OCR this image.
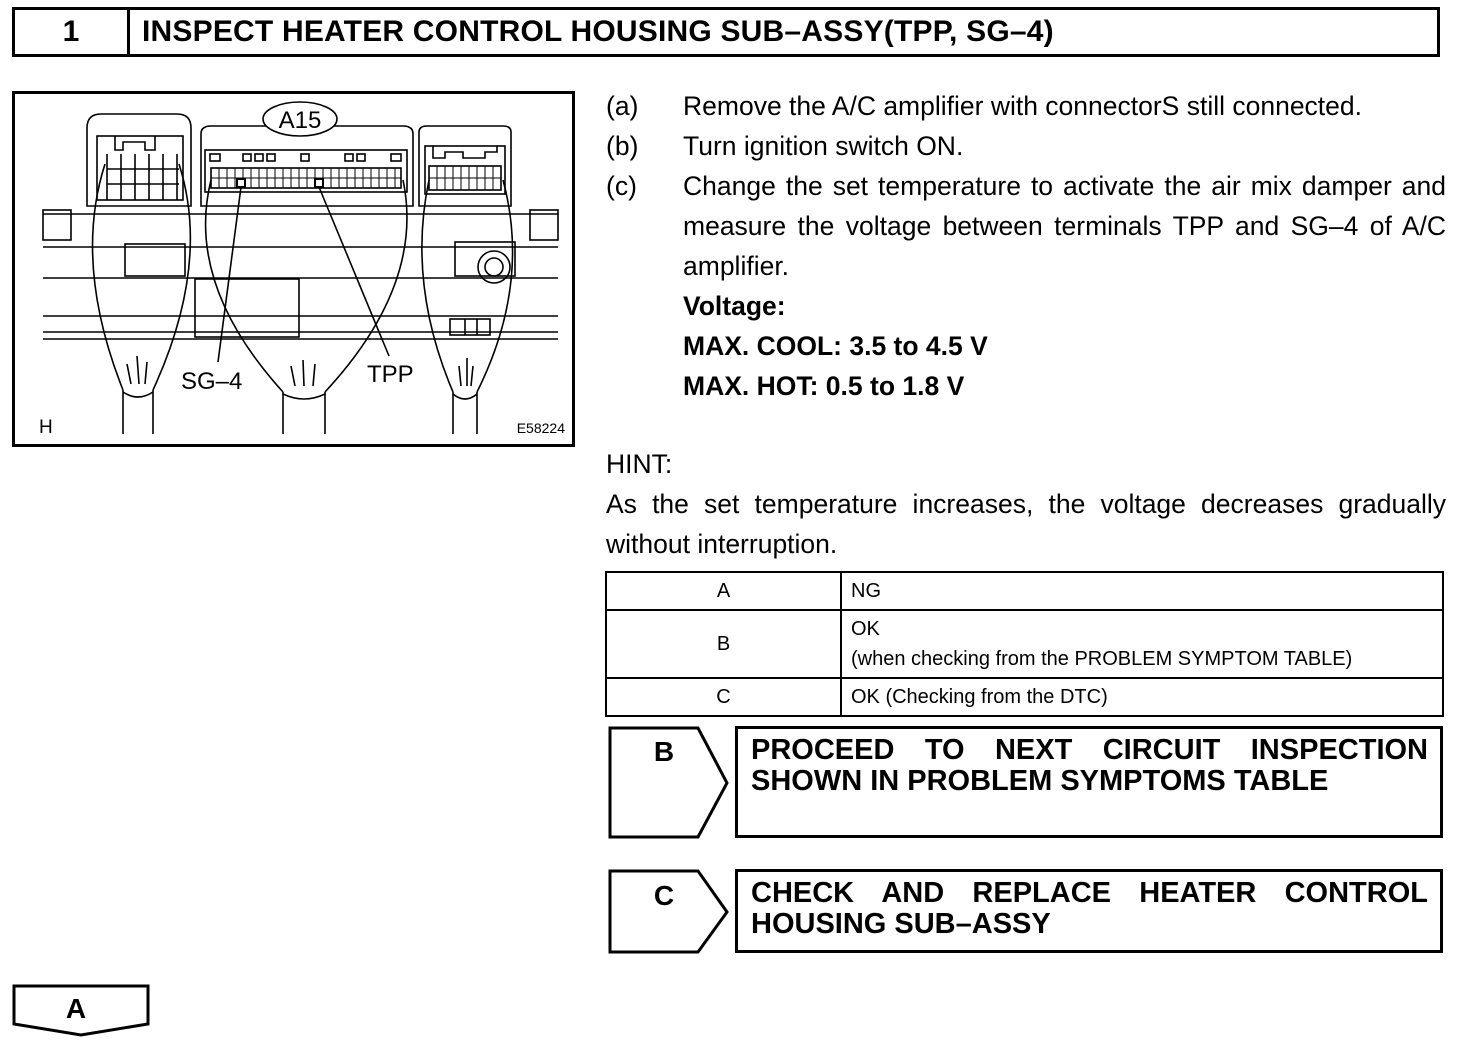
1	INSPECT HEATER CONTROL HOUSING SUB–ASSY(TPP, SG–4)
A15
SG–4	TPP
H	E58224
(a)	Remove the A/C amplifier with connectorS still connected.
(b)	Turn ignition switch ON.
(c)	Change the set temperature to activate the air mix damper and measure the voltage between terminals TPP and SG–4 of A/C amplifier.
Voltage:
MAX. COOL: 3.5 to 4.5 V
MAX. HOT: 0.5 to 1.8 V
HINT:
As the set temperature increases, the voltage decreases gradually without interruption.
A	NG
B	OK
(when checking from the PROBLEM SYMPTOM TABLE)

C	OK (Checking from the DTC)
B	PROCEED TO NEXT CIRCUIT INSPECTION SHOWN IN PROBLEM SYMPTOMS TABLE
C	CHECK AND REPLACE HEATER CONTROL HOUSING SUB–ASSY
A
